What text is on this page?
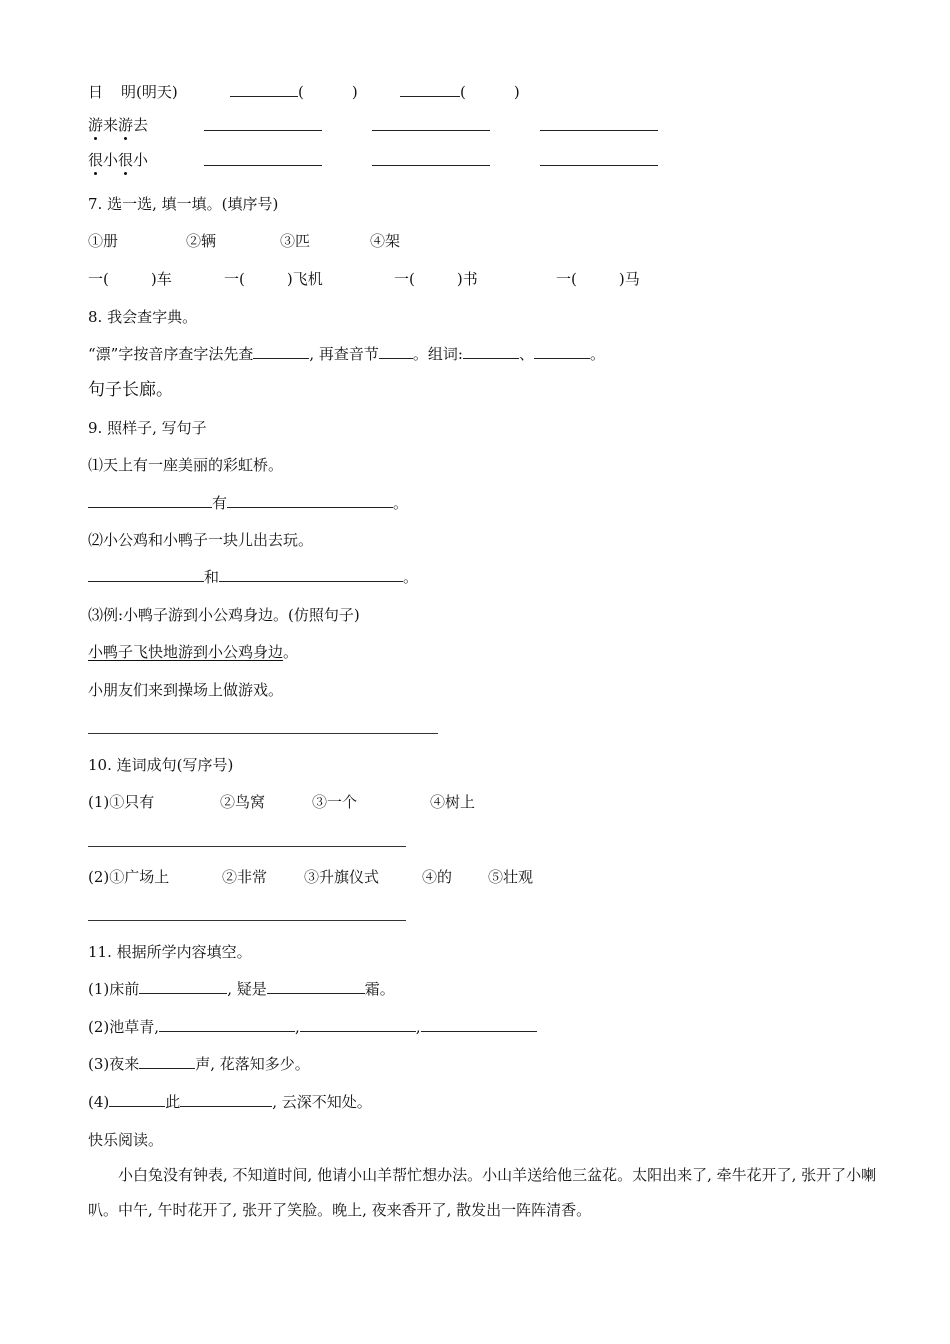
日 明(明天)	(	)	(	)
游来游去
很小很小
7. 选一选, 填一填。(填序号)
①册	②辆	③匹	④架
一(	)车	一(	)飞机	一(	)书	一(	)马
8. 我会查字典。
“漂”字按音序查字法先查	, 再查音节 。组词:	、	。
句子长廊。
9. 照样子, 写句子
⑴天上有一座美丽的彩虹桥。
有	。
⑵小公鸡和小鸭子一块儿出去玩。
和	。
⑶例:小鸭子游到小公鸡身边。(仿照句子)
小鸭子飞快地游到小公鸡身边。
小朋友们来到操场上做游戏。
10. 连词成句(写序号)
(1)①只有	②鸟窝	③一个	④树上
(2)①广场上	②非常 ③升旗仪式	④的 ⑤壮观
11. 根据所学内容填空。
(1)床前	, 疑是	霜。
(2)池草青,	,	,
(3)夜来	声, 花落知多少。
(4)	此	, 云深不知处。
快乐阅读。
小白兔没有钟表, 不知道时间, 他请小山羊帮忙想办法。小山羊送给他三盆花。太阳出来了, 牵牛花开了, 张开了小喇叭。中午, 午时花开了, 张开了笑脸。晚上, 夜来香开了, 散发出一阵阵清香。
